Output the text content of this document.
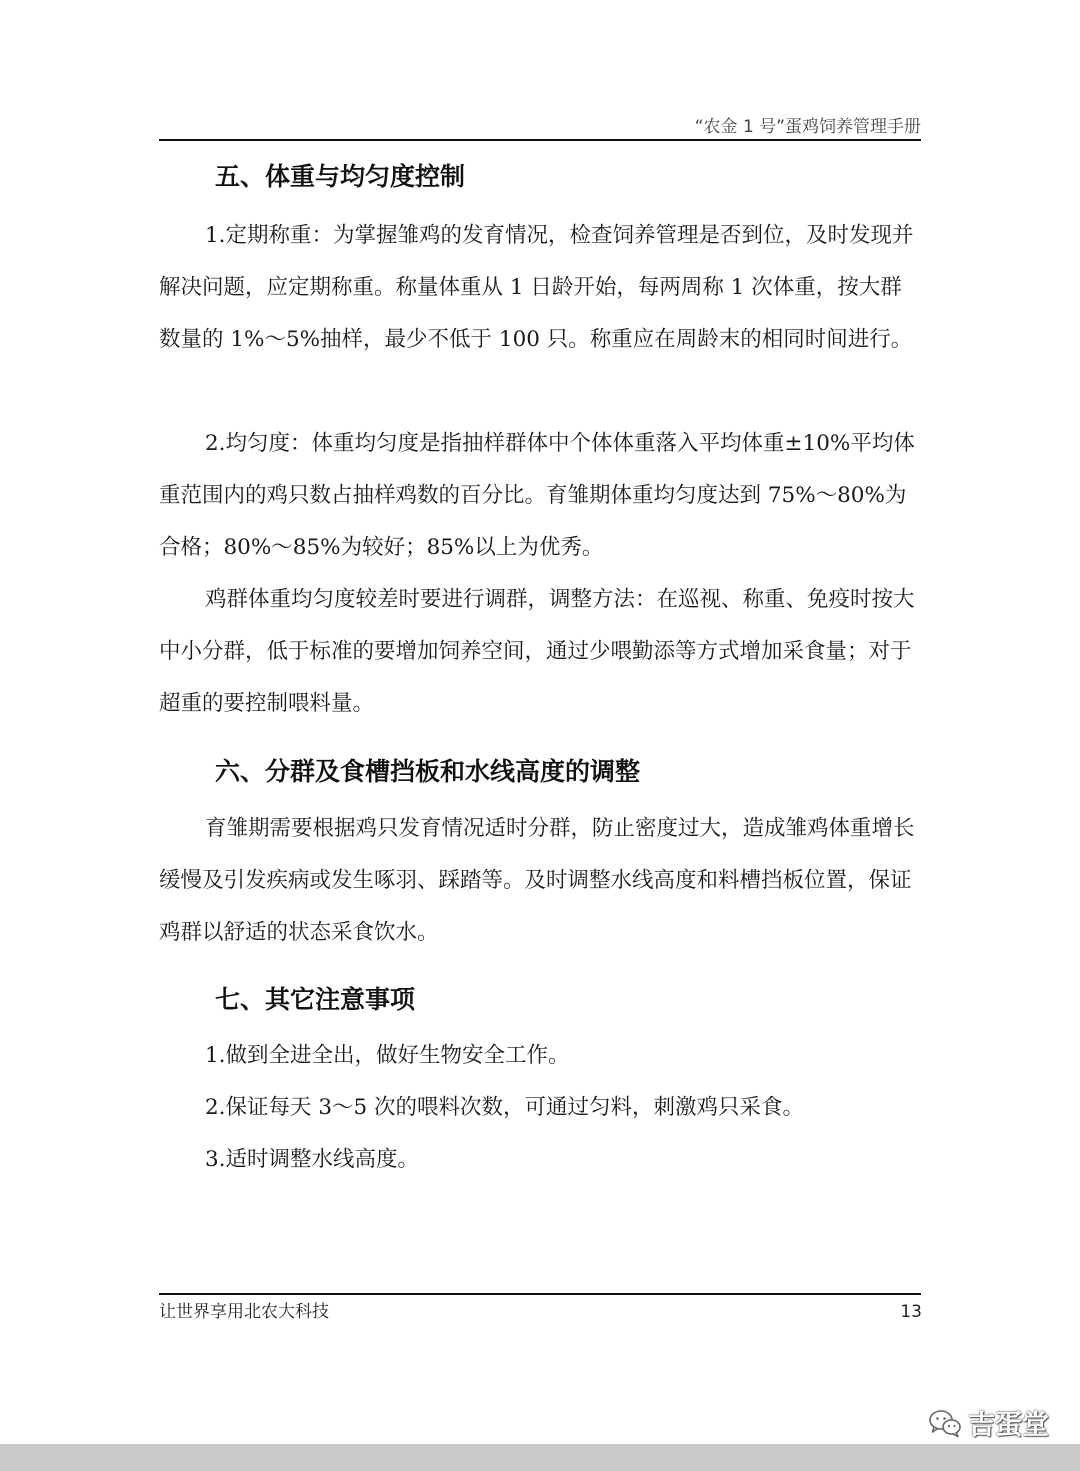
“农金 1 号”蛋鸡饲养管理手册
五、体重与均匀度控制
1.定期称重：为掌握雏鸡的发育情况，检查饲养管理是否到位，及时发现并解决问题，应定期称重。称量体重从 1 日龄开始，每两周称 1 次体重，按大群数量的 1%～5%抽样，最少不低于 100 只。称重应在周龄末的相同时间进行。
2.均匀度：体重均匀度是指抽样群体中个体体重落入平均体重±10%平均体重范围内的鸡只数占抽样鸡数的百分比。育雏期体重均匀度达到 75%～80%为合格；80%～85%为较好；85%以上为优秀。
鸡群体重均匀度较差时要进行调群，调整方法：在巡视、称重、免疫时按大中小分群，低于标准的要增加饲养空间，通过少喂勤添等方式增加采食量；对于超重的要控制喂料量。
六、分群及食槽挡板和水线高度的调整
育雏期需要根据鸡只发育情况适时分群，防止密度过大，造成雏鸡体重增长缓慢及引发疾病或发生啄羽、踩踏等。及时调整水线高度和料槽挡板位置，保证鸡群以舒适的状态采食饮水。
七、其它注意事项
1.做到全进全出，做好生物安全工作。
2.保证每天 3～5 次的喂料次数，可通过匀料，刺激鸡只采食。
3.适时调整水线高度。
让世界享用北农大科技	13
吉蛋堂
